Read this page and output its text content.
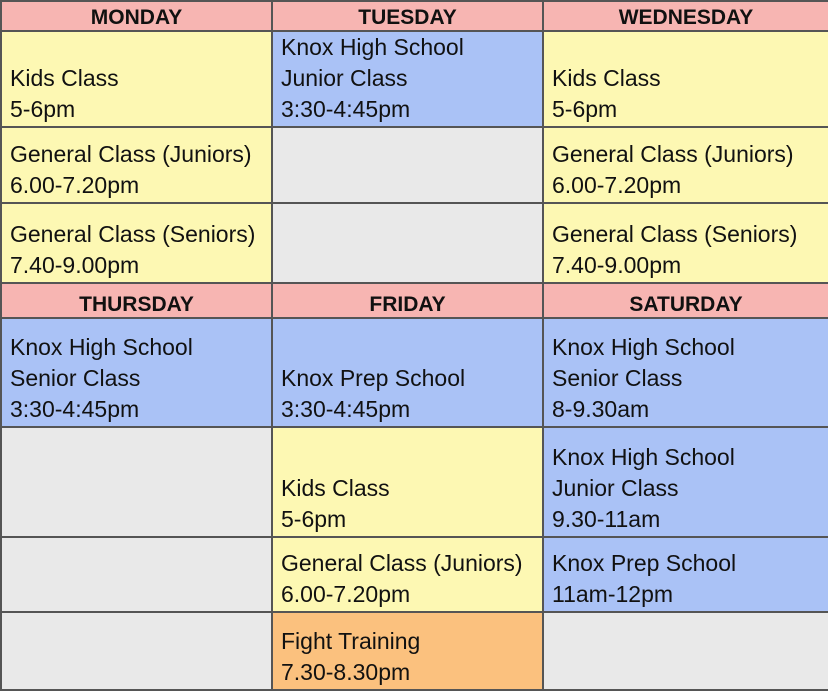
MONDAY	TUESDAY	WEDNESDAY

Kids Class
5-6pm	Knox High School
Junior Class
3:30-4:45pm	Kids Class
5-6pm

General Class (Juniors)
6.00-7.20pm		General Class (Juniors)
6.00-7.20pm

General Class (Seniors)
7.40-9.00pm		General Class (Seniors)
7.40-9.00pm

THURSDAY	FRIDAY	SATURDAY

Knox High School
Senior Class
3:30-4:45pm	Knox Prep School
3:30-4:45pm	Knox High School
Senior Class
8-9.30am

	Kids Class
5-6pm	Knox High School
Junior Class
9.30-11am

	General Class (Juniors)
6.00-7.20pm	Knox Prep School
11am-12pm

	Fight Training
7.30-8.30pm	
